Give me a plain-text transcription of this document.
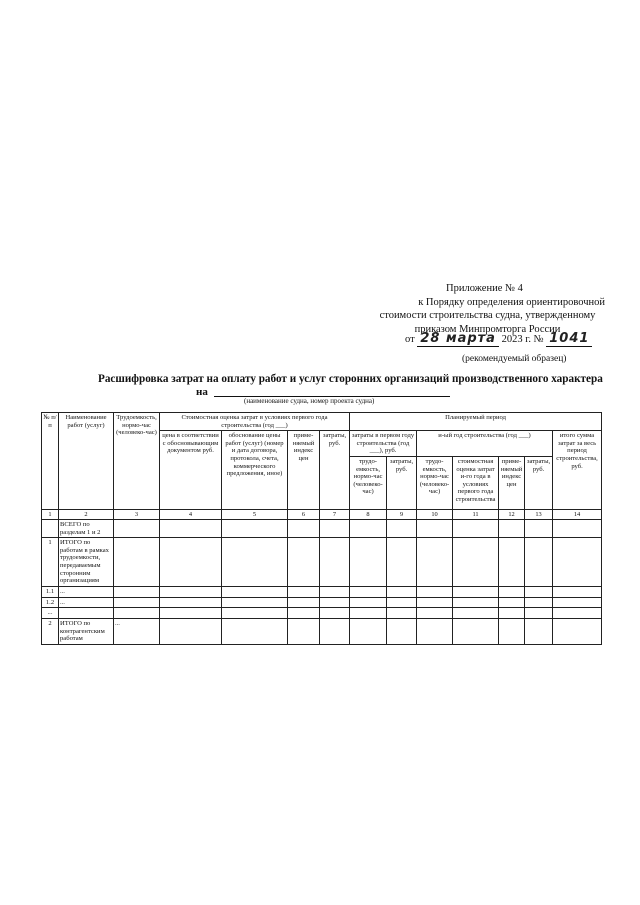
Приложение № 4
к Порядку определения ориентировочной
стоимости строительства судна, утвержденному
приказом Минпромторга России
от 28 марта 2023 г. № 1041
(рекомендуемый образец)
Расшифровка затрат на оплату работ и услуг сторонних организаций производственного характера
на
(наименование судна, номер проекта судна)
№ п/п	Наименование работ (услуг)	Трудоемкость, нормо-час (человеко-час)	Стоимостная оценка затрат в условиях первого года строительства (год ___)				Планируемый период						
			цена в соответствии с обосновывающим документом руб.	обоснование цены работ (услуг) (номер и дата договора, протокола, счета, коммерческого предложения, иное)	приме-няемый индекс цен	затраты, руб.	затраты в первом году строительства (год ___), руб.		и-ый год строительства (год ___)				итого сумма затрат за весь период строительства, руб.
							трудо-емкость, нормо-час (человеко-час)	затраты, руб.	трудо-емкость, нормо-час (человеко-час)	стоимостная оценка затрат и-го года в условиях первого года строительства	приме-няемый индекс цен	затраты, руб.	
1	2	3	4	5	6	7	8	9	10	11	12	13	14
	ВСЕГО по разделам 1 и 2												
1	ИТОГО по работам в рамках трудоемкости, передаваемым сторонним организациям												
1.1	...												
1.2	...												
...													
2	ИТОГО по контрагентским работам	...											
